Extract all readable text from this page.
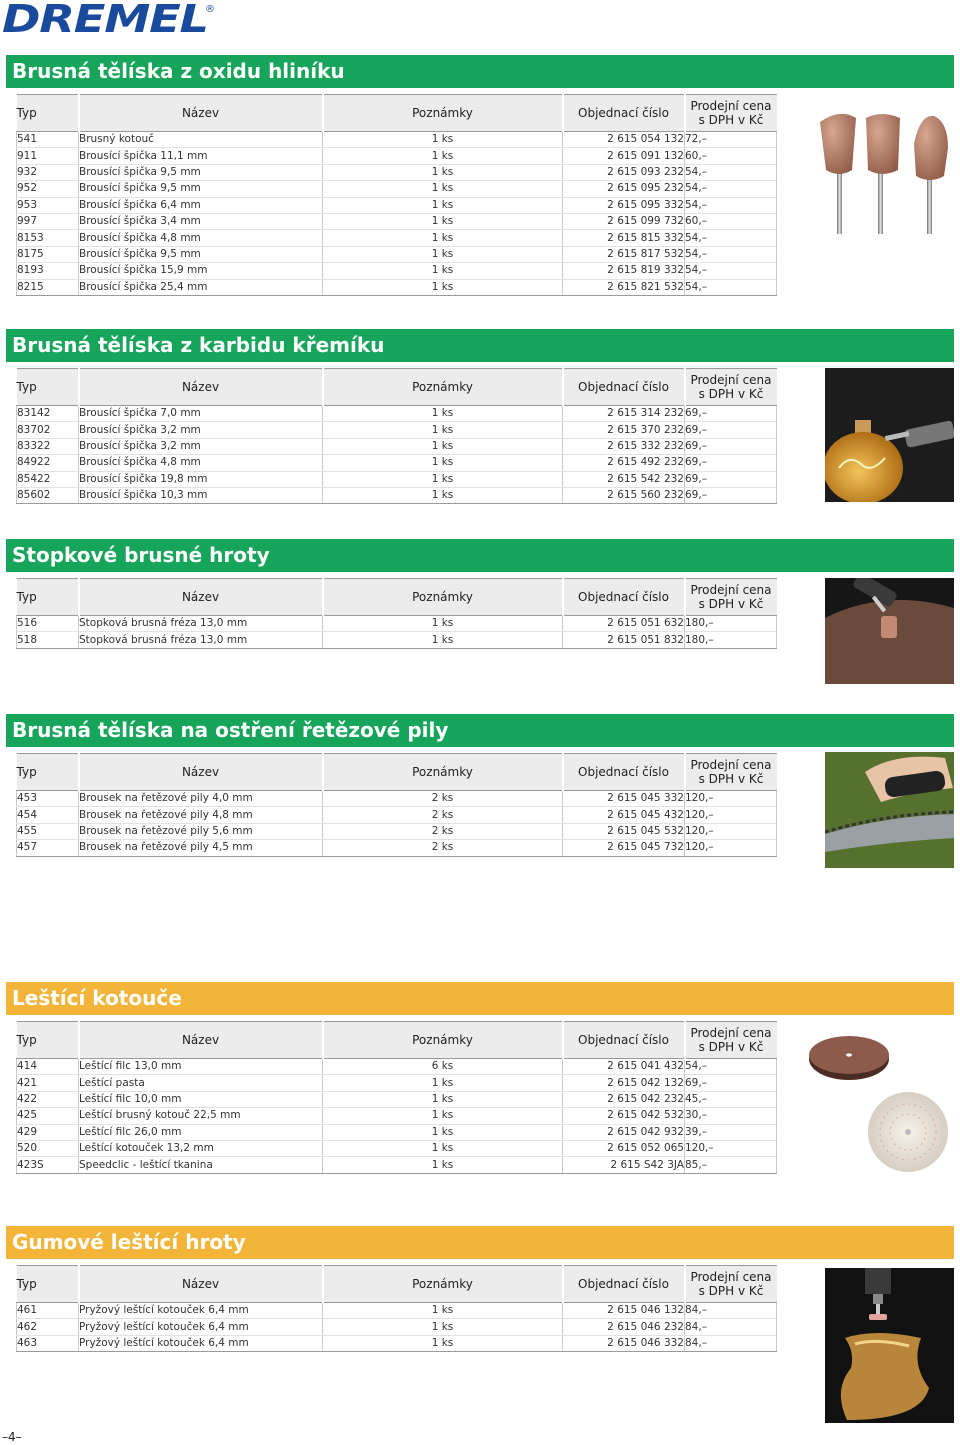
DREMEL
®
Brusná tělíska z oxidu hliníku
Typ	Název	Poznámky	Objednací číslo	Prodejní cena
s DPH v Kč
541	Brusný kotouč	1 ks	2 615 054 132	72,–
911	Brousící špička 11,1 mm	1 ks	2 615 091 132	60,–
932	Brousící špička 9,5 mm	1 ks	2 615 093 232	54,–
952	Brousící špička 9,5 mm	1 ks	2 615 095 232	54,–
953	Brousící špička 6,4 mm	1 ks	2 615 095 332	54,–
997	Brousící špička 3,4 mm	1 ks	2 615 099 732	60,–
8153	Brousící špička 4,8 mm	1 ks	2 615 815 332	54,–
8175	Brousící špička 9,5 mm	1 ks	2 615 817 532	54,–
8193	Brousící špička 15,9 mm	1 ks	2 615 819 332	54,–
8215	Brousící špička 25,4 mm	1 ks	2 615 821 532	54,–
Brusná tělíska z karbidu křemíku
Typ	Název	Poznámky	Objednací číslo	Prodejní cena
s DPH v Kč
83142	Brousící špička 7,0 mm	1 ks	2 615 314 232	69,–
83702	Brousící špička 3,2 mm	1 ks	2 615 370 232	69,–
83322	Brousící špička 3,2 mm	1 ks	2 615 332 232	69,–
84922	Brousící špička 4,8 mm	1 ks	2 615 492 232	69,–
85422	Brousící špička 19,8 mm	1 ks	2 615 542 232	69,–
85602	Brousící špička 10,3 mm	1 ks	2 615 560 232	69,–
Stopkové brusné hroty
Typ	Název	Poznámky	Objednací číslo	Prodejní cena
s DPH v Kč
516	Stopková brusná fréza 13,0 mm	1 ks	2 615 051 632	180,–
518	Stopková brusná fréza 13,0 mm	1 ks	2 615 051 832	180,–
Brusná tělíska na ostření řetězové pily
Typ	Název	Poznámky	Objednací číslo	Prodejní cena
s DPH v Kč
453	Brousek na řetězové pily 4,0 mm	2 ks	2 615 045 332	120,–
454	Brousek na řetězové pily 4,8 mm	2 ks	2 615 045 432	120,–
455	Brousek na řetězové pily 5,6 mm	2 ks	2 615 045 532	120,–
457	Brousek na řetězové pily 4,5 mm	2 ks	2 615 045 732	120,–
Leštící kotouče
Typ	Název	Poznámky	Objednací číslo	Prodejní cena
s DPH v Kč
414	Leštící filc 13,0 mm	6 ks	2 615 041 432	54,–
421	Leštící pasta	1 ks	2 615 042 132	69,–
422	Leštící filc 10,0 mm	1 ks	2 615 042 232	45,–
425	Leštící brusný kotouč 22,5 mm	1 ks	2 615 042 532	30,–
429	Leštící filc 26,0 mm	1 ks	2 615 042 932	39,–
520	Leštící kotouček 13,2 mm	1 ks	2 615 052 065	120,–
423S	Speedclic - leštící tkanina	1 ks	2 615 S42 3JA	85,–
Gumové leštící hroty
Typ	Název	Poznámky	Objednací číslo	Prodejní cena
s DPH v Kč
461	Pryžový leštící kotouček 6,4 mm	1 ks	2 615 046 132	84,–
462	Pryžový leštící kotouček 6,4 mm	1 ks	2 615 046 232	84,–
463	Pryžový leštící kotouček 6,4 mm	1 ks	2 615 046 332	84,–
–4–
